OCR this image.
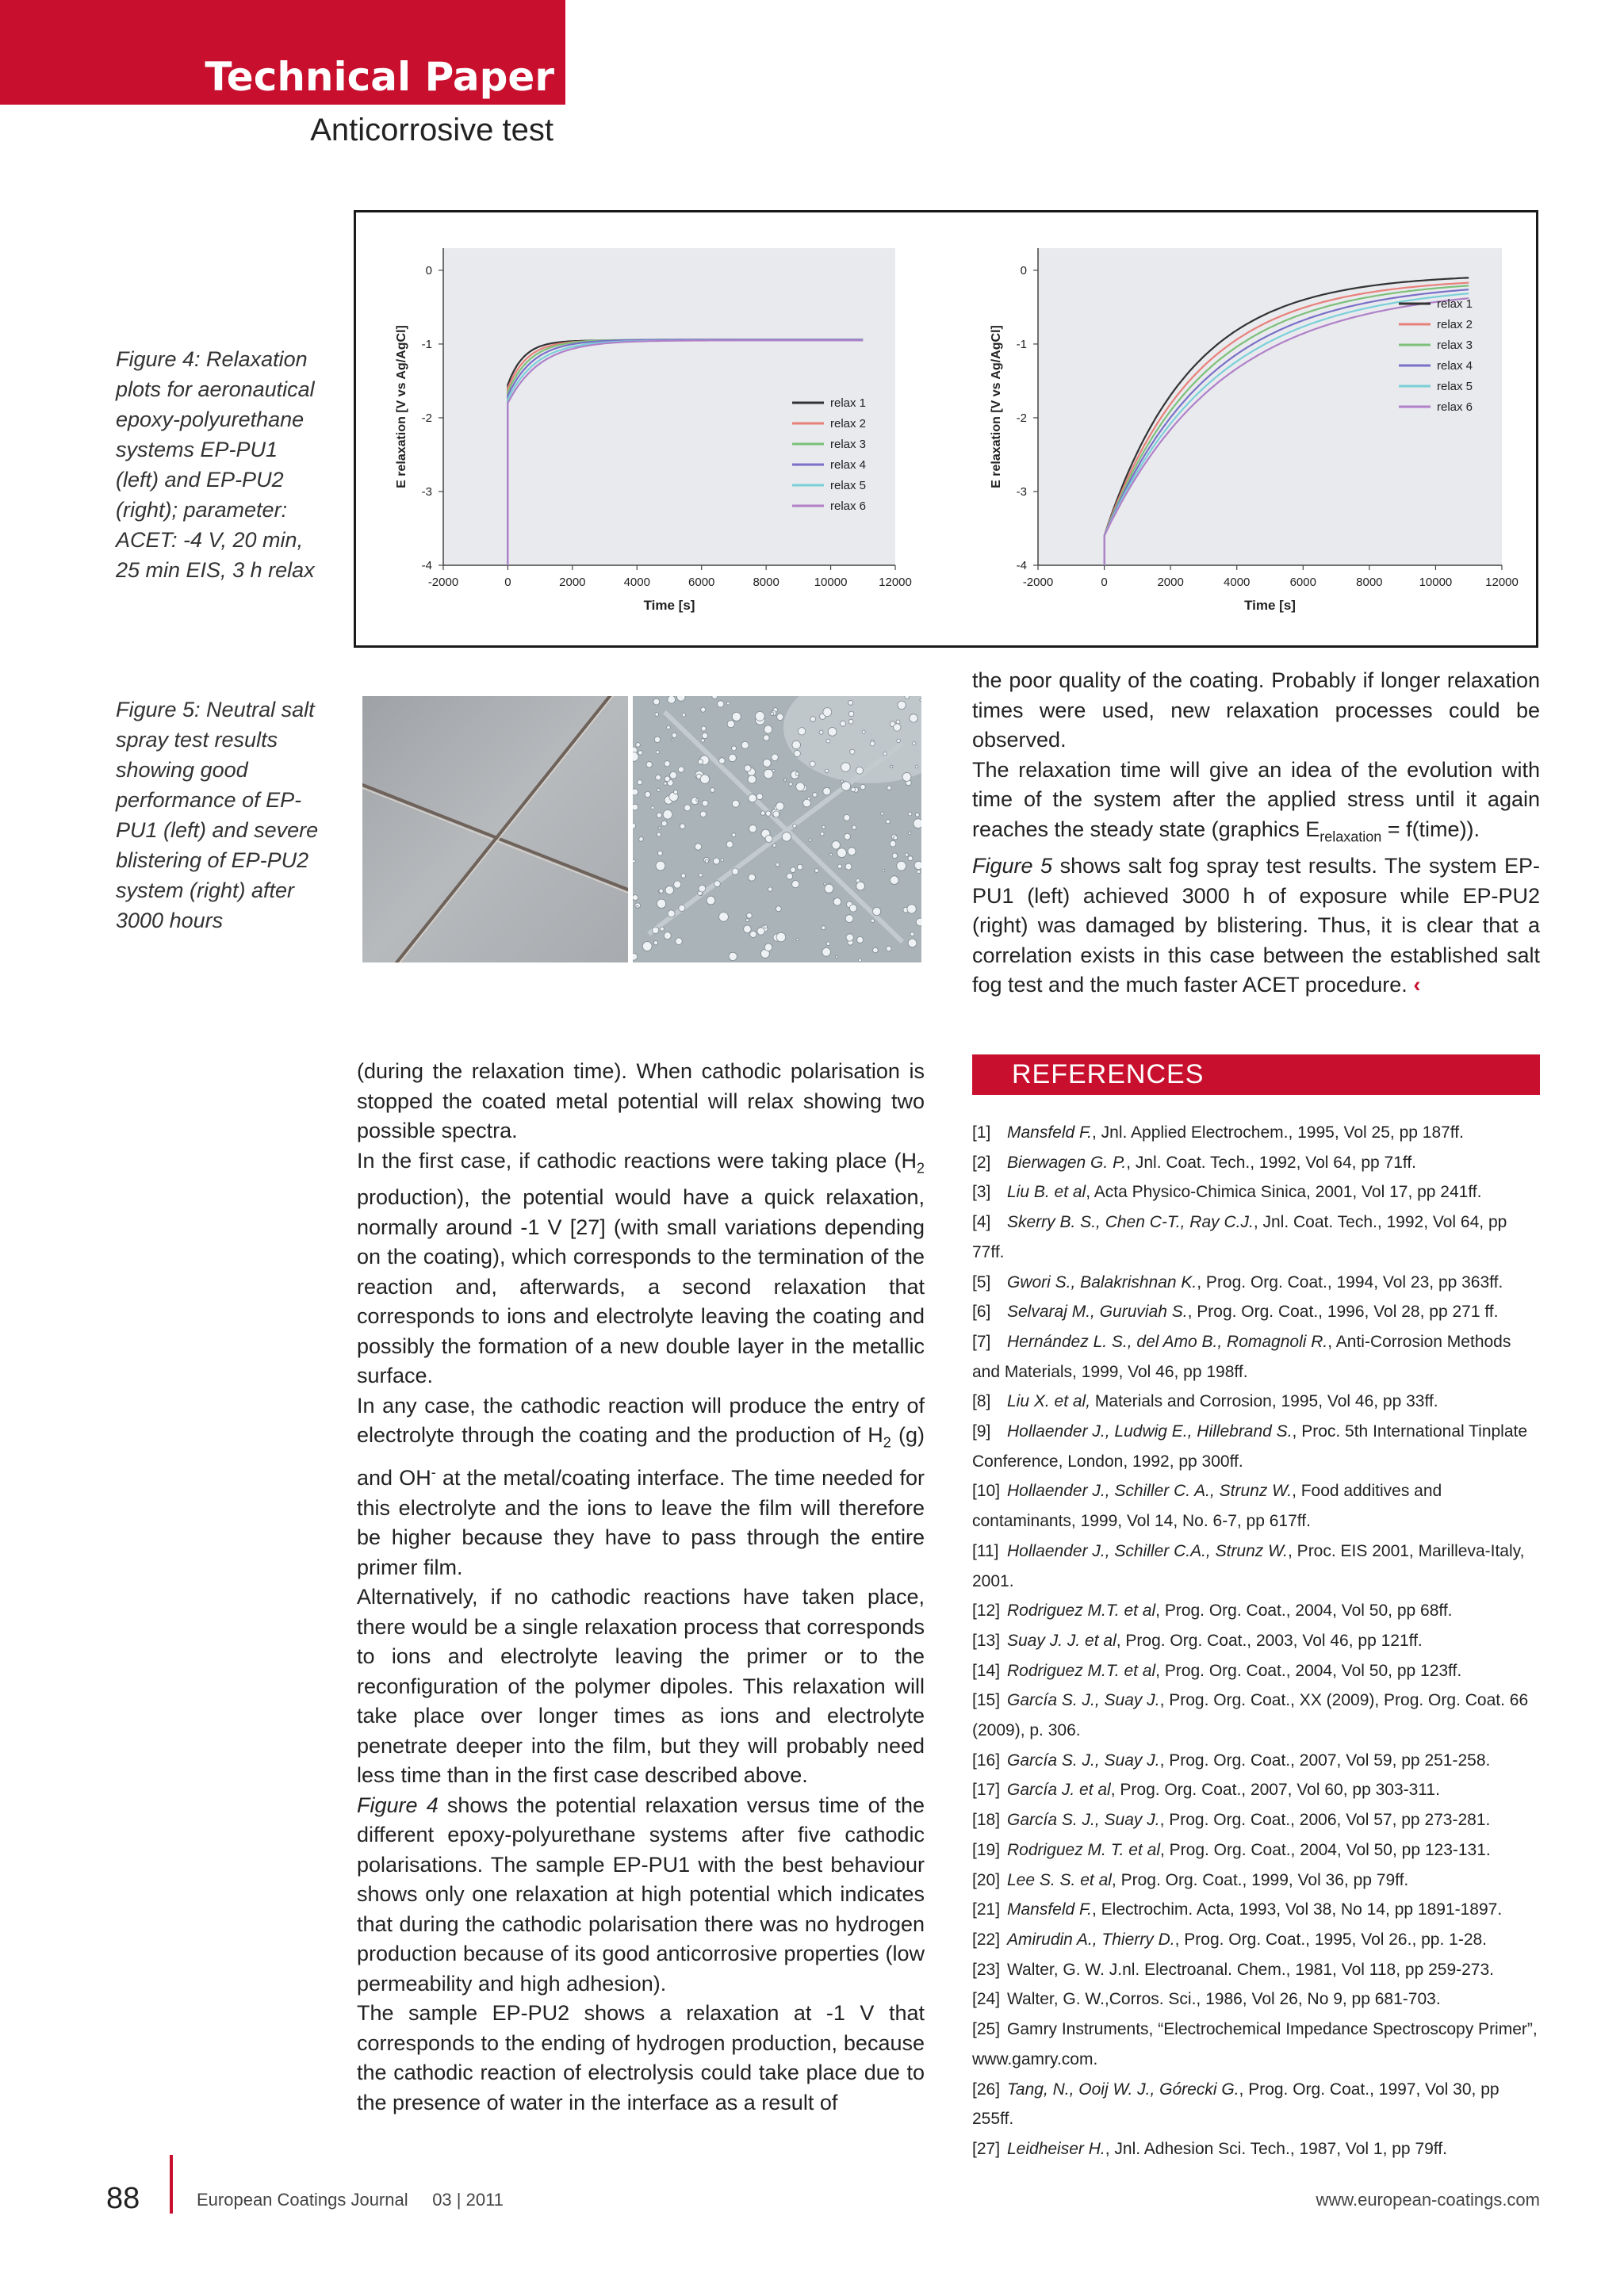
Technical Paper
Anticorrosive test
Figure 4: Relaxation plots for aeronautical epoxy-polyurethane systems EP-PU1 (left) and EP-PU2 (right); parameter: ACET: -4 V, 20 min, 25 min EIS, 3 h relax
-2000	0	2000	4000	6000	8000	10000	12000
0
-1
-2
-3
-4
Time [s]
E relaxation [V vs Ag/AgCl]	relax 1
relax 2
relax 3
relax 4
relax 5
relax 6
-2000	0	2000	4000	6000	8000	10000	12000
0
-1
-2
-3
-4
Time [s]
E relaxation [V vs Ag/AgCl]
relax 1
relax 2
relax 3
relax 4
relax 5
relax 6
Figure 5: Neutral salt spray test results showing good performance of EP-PU1 (left) and severe blistering of EP-PU2 system (right) after 3000 hours

the poor quality of the coating. Probably if longer relaxation times were used, new relaxation processes could be observed.

The relaxation time will give an idea of the evolution with time of the system after the applied stress until it again reaches the steady state (graphics $E_{relaxation}$ = f(time)).

Figure 5 shows salt fog spray test results. The system EP-PU1 (left) achieved 3000 h of exposure while EP-PU2 (right) was damaged by blistering. Thus, it is clear that a correlation exists in this case between the established salt fog test and the much faster ACET procedure. ‹

(during the relaxation time). When cathodic polarisation is stopped the coated metal potential will relax showing two possible spectra.

In the first case, if cathodic reactions were taking place ($H_2$ production), the potential would have a quick relaxation, normally around -1 V [27] (with small variations depending on the coating), which corresponds to the termination of the reaction and, afterwards, a second relaxation that corresponds to ions and electrolyte leaving the coating and possibly the formation of a new double layer in the metallic surface.

In any case, the cathodic reaction will produce the entry of electrolyte through the coating and the production of $H_2$ (g) and OH- at the metal/coating interface. The time needed for this electrolyte and the ions to leave the film will therefore be higher because they have to pass through the entire primer film.

Alternatively, if no cathodic reactions have taken place, there would be a single relaxation process that corresponds to ions and electrolyte leaving the primer or to the reconfiguration of the polymer dipoles. This relaxation will take place over longer times as ions and electrolyte penetrate deeper into the film, but they will probably need less time than in the first case described above.

Figure 4 shows the potential relaxation versus time of the different epoxy-polyurethane systems after five cathodic polarisations. The sample EP-PU1 with the best behaviour shows only one relaxation at high potential which indicates that during the cathodic polarisation there was no hydrogen production because of its good anticorrosive properties (low permeability and high adhesion).

The sample EP-PU2 shows a relaxation at -1 V that corresponds to the ending of hydrogen production, because the cathodic reaction of electrolysis could take place due to the presence of water in the interface as a result of

REFERENCES

[1] Mansfeld F., Jnl. Applied Electrochem., 1995, Vol 25, pp 187ff.

[2] Bierwagen G. P., Jnl. Coat. Tech., 1992, Vol 64, pp 71ff.

[3] Liu B. et al, Acta Physico-Chimica Sinica, 2001, Vol 17, pp 241ff.

[4] Skerry B. S., Chen C-T., Ray C.J., Jnl. Coat. Tech., 1992, Vol 64, pp 77ff.

[5] Gwori S., Balakrishnan K., Prog. Org. Coat., 1994, Vol 23, pp 363ff.

[6] Selvaraj M., Guruviah S., Prog. Org. Coat., 1996, Vol 28, pp 271 ff.

[7] Hernández L. S., del Amo B., Romagnoli R., Anti-Corrosion Methods and Materials, 1999, Vol 46, pp 198ff.

[8] Liu X. et al, Materials and Corrosion, 1995, Vol 46, pp 33ff.

[9] Hollaender J., Ludwig E., Hillebrand S., Proc. 5th International Tinplate Conference, London, 1992, pp 300ff.

[10] Hollaender J., Schiller C. A., Strunz W., Food additives and contaminants, 1999, Vol 14, No. 6-7, pp 617ff.

[11] Hollaender J., Schiller C.A., Strunz W., Proc. EIS 2001, Marilleva-Italy, 2001.

[12] Rodriguez M.T. et al, Prog. Org. Coat., 2004, Vol 50, pp 68ff.

[13] Suay J. J. et al, Prog. Org. Coat., 2003, Vol 46, pp 121ff.

[14] Rodriguez M.T. et al, Prog. Org. Coat., 2004, Vol 50, pp 123ff.

[15] García S. J., Suay J., Prog. Org. Coat., XX (2009), Prog. Org. Coat. 66 (2009), p. 306.

[16] García S. J., Suay J., Prog. Org. Coat., 2007, Vol 59, pp 251-258.

[17] García J. et al, Prog. Org. Coat., 2007, Vol 60, pp 303-311.

[18] García S. J., Suay J., Prog. Org. Coat., 2006, Vol 57, pp 273-281.

[19] Rodriguez M. T. et al, Prog. Org. Coat., 2004, Vol 50, pp 123-131.

[20] Lee S. S. et al, Prog. Org. Coat., 1999, Vol 36, pp 79ff.

[21] Mansfeld F., Electrochim. Acta, 1993, Vol 38, No 14, pp 1891-1897.

[22] Amirudin A., Thierry D., Prog. Org. Coat., 1995, Vol 26., pp. 1-28.

[23] Walter, G. W. J.nl. Electroanal. Chem., 1981, Vol 118, pp 259-273.

[24] Walter, G. W.,Corros. Sci., 1986, Vol 26, No 9, pp 681-703.

[25] Gamry Instruments, “Electrochemical Impedance Spectroscopy Primer”, www.gamry.com.

[26] Tang, N., Ooij W. J., Górecki G., Prog. Org. Coat., 1997, Vol 30, pp 255ff.

[27] Leidheiser H., Jnl. Adhesion Sci. Tech., 1987, Vol 1, pp 79ff.

88	European Coatings Journal 03 | 2011	www.european-coatings.com
